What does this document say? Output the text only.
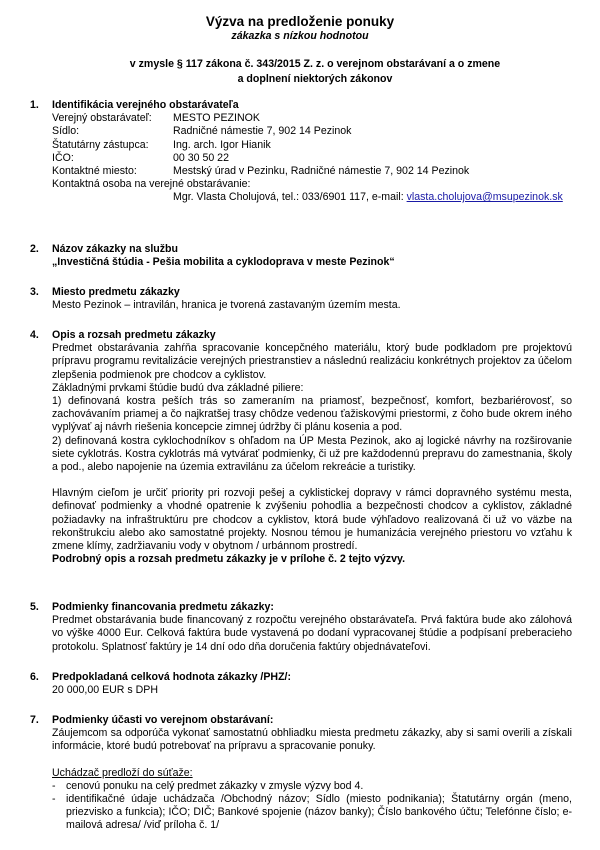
Výzva na predloženie ponuky
zákazka s nízkou hodnotou
v zmysle § 117 zákona č. 343/2015 Z. z. o verejnom obstarávaní a o zmene
a doplnení niektorých zákonov
1. Identifikácia verejného obstarávateľa
Verejný obstarávateľ:	MESTO PEZINOK
Sídlo:	Radničné námestie 7, 902 14 Pezinok
Štatutárny zástupca:	Ing. arch. Igor Hianik
IČO:	00 30 50 22
Kontaktné miesto:	Mestský úrad v Pezinku, Radničné námestie 7, 902 14 Pezinok
Kontaktná osoba na verejné obstarávanie:
Mgr. Vlasta Cholujová, tel.: 033/6901 117, e-mail: vlasta.cholujova@msupezinok.sk
2. Názov zákazky na službu
„Investičná štúdia - Pešia mobilita a cyklodoprava v meste Pezinok“
3. Miesto predmetu zákazky
Mesto Pezinok – intravilán, hranica je tvorená zastavaným územím mesta.
4. Opis a rozsah predmetu zákazky
Predmet obstarávania zahŕňa spracovanie koncepčného materiálu, ktorý bude podkladom pre projektovú prípravu programu revitalizácie verejných priestranstiev a následnú realizáciu konkrétnych projektov za účelom zlepšenia podmienok pre chodcov a cyklistov.
Základnými prvkami štúdie budú dva základné piliere:
1) definovaná kostra peších trás so zameraním na priamosť, bezpečnosť, komfort, bezbariérovosť, so zachovávaním priamej a čo najkratšej trasy chôdze vedenou ťažiskovými priestormi, z čoho bude okrem iného vyplývať aj návrh riešenia koncepcie zimnej údržby či plánu kosenia a pod.
2) definovaná kostra cyklochodníkov s ohľadom na ÚP Mesta Pezinok, ako aj logické návrhy na rozširovanie siete cyklotrás. Kostra cyklotrás má vytvárať podmienky, či už pre každodennú prepravu do zamestnania, školy a pod., alebo napojenie na územia extravilánu za účelom rekreácie a turistiky.
Hlavným cieľom je určiť priority pri rozvoji pešej a cyklistickej dopravy v rámci dopravného systému mesta, definovať podmienky a vhodné opatrenie k zvýšeniu pohodlia a bezpečnosti chodcov a cyklistov, základné požiadavky na infraštruktúru pre chodcov a cyklistov, ktorá bude výhľadovo realizovaná či už vo väzbe na rekonštrukciu alebo ako samostatné projekty. Nosnou témou je humanizácia verejného priestoru vo vzťahu k zmene klímy, zadržiavaniu vody v obytnom / urbánnom prostredí.
Podrobný opis a rozsah predmetu zákazky je v prílohe č. 2 tejto výzvy.
5. Podmienky financovania predmetu zákazky:
Predmet obstarávania bude financovaný z rozpočtu verejného obstarávateľa. Prvá faktúra bude ako zálohová vo výške 4000 Eur. Celková faktúra bude vystavená po dodaní vypracovanej štúdie a podpísaní preberacieho protokolu. Splatnosť faktúry je 14 dní odo dňa doručenia faktúry objednávateľovi.
6. Predpokladaná celková hodnota zákazky /PHZ/:
20 000,00 EUR s DPH
7. Podmienky účasti vo verejnom obstarávaní:
Záujemcom sa odporúča vykonať samostatnú obhliadku miesta predmetu zákazky, aby si sami overili a získali informácie, ktoré budú potrebovať na prípravu a spracovanie ponuky.
Uchádzač predloží do súťaže:
- cenovú ponuku na celý predmet zákazky v zmysle výzvy bod 4.
- identifikačné údaje uchádzača /Obchodný názov; Sídlo (miesto podnikania); Štatutárny orgán (meno, priezvisko a funkcia); IČO; DIČ; Bankové spojenie (názov banky); Číslo bankového účtu; Telefónne číslo; e-mailová adresa/ /viď príloha č. 1/
